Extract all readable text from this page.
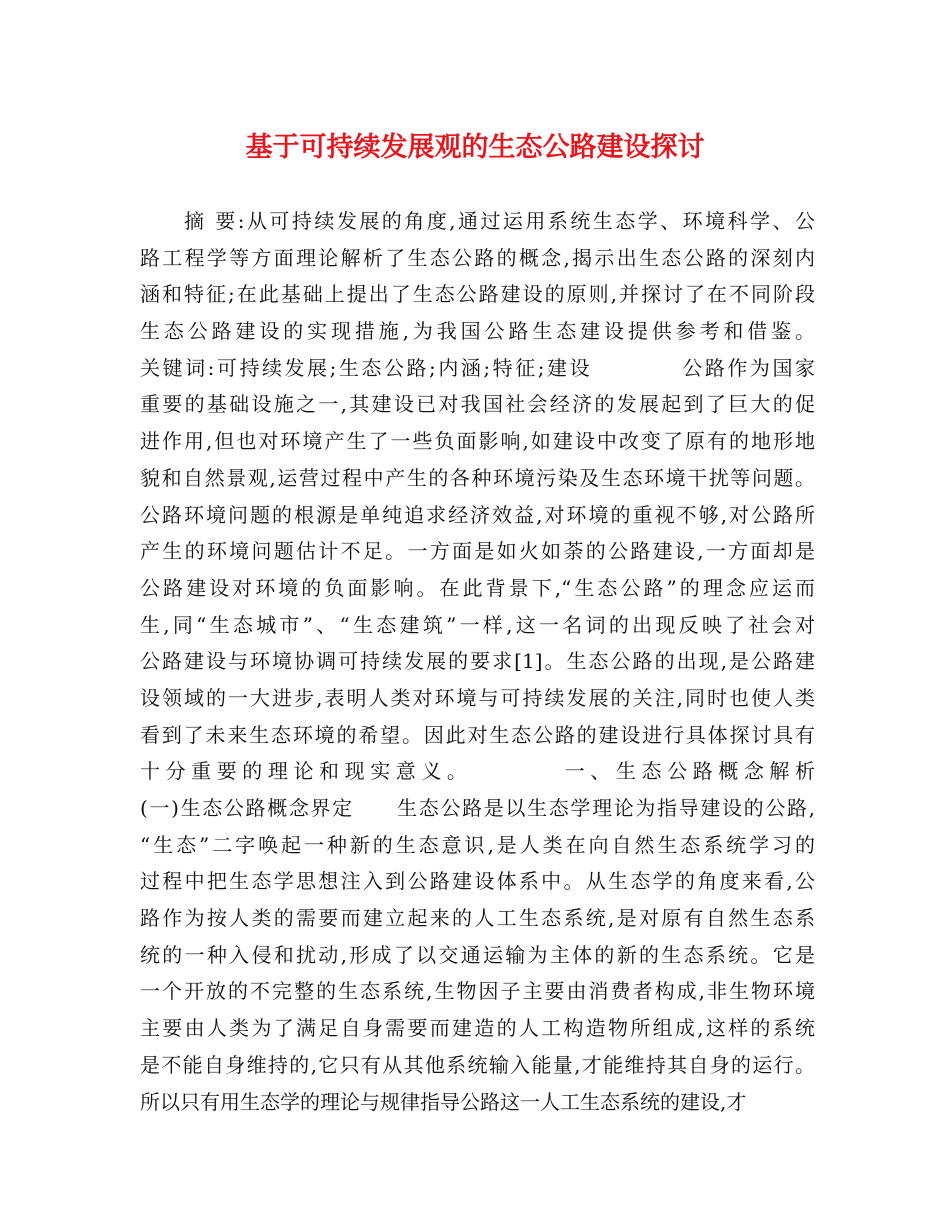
基于可持续发展观的生态公路建设探讨
摘 要:从可持续发展的角度,通过运用系统生态学、环境科学、公
路工程学等方面理论解析了生态公路的概念,揭示出生态公路的深刻内
涵和特征;在此基础上提出了生态公路建设的原则,并探讨了在不同阶段
生态公路建设的实现措施,为我国公路生态建设提供参考和借鉴。
关键词:可持续发展;生态公路;内涵;特征;建设　　　　公路作为国家
重要的基础设施之一,其建设已对我国社会经济的发展起到了巨大的促
进作用,但也对环境产生了一些负面影响,如建设中改变了原有的地形地
貌和自然景观,运营过程中产生的各种环境污染及生态环境干扰等问题。
公路环境问题的根源是单纯追求经济效益,对环境的重视不够,对公路所
产生的环境问题估计不足。一方面是如火如荼的公路建设,一方面却是
公路建设对环境的负面影响。在此背景下,“生态公路”的理念应运而
生,同“生态城市”、“生态建筑”一样,这一名词的出现反映了社会对
公路建设与环境协调可持续发展的要求[1]。生态公路的出现,是公路建
设领域的一大进步,表明人类对环境与可持续发展的关注,同时也使人类
看到了未来生态环境的希望。因此对生态公路的建设进行具体探讨具有
十分重要的理论和现实意义。　　　　一、生态公路概念解析
(一)生态公路概念界定　　生态公路是以生态学理论为指导建设的公路,
“生态”二字唤起一种新的生态意识,是人类在向自然生态系统学习的
过程中把生态学思想注入到公路建设体系中。从生态学的角度来看,公
路作为按人类的需要而建立起来的人工生态系统,是对原有自然生态系
统的一种入侵和扰动,形成了以交通运输为主体的新的生态系统。它是
一个开放的不完整的生态系统,生物因子主要由消费者构成,非生物环境
主要由人类为了满足自身需要而建造的人工构造物所组成,这样的系统
是不能自身维持的,它只有从其他系统输入能量,才能维持其自身的运行。
所以只有用生态学的理论与规律指导公路这一人工生态系统的建设,才
